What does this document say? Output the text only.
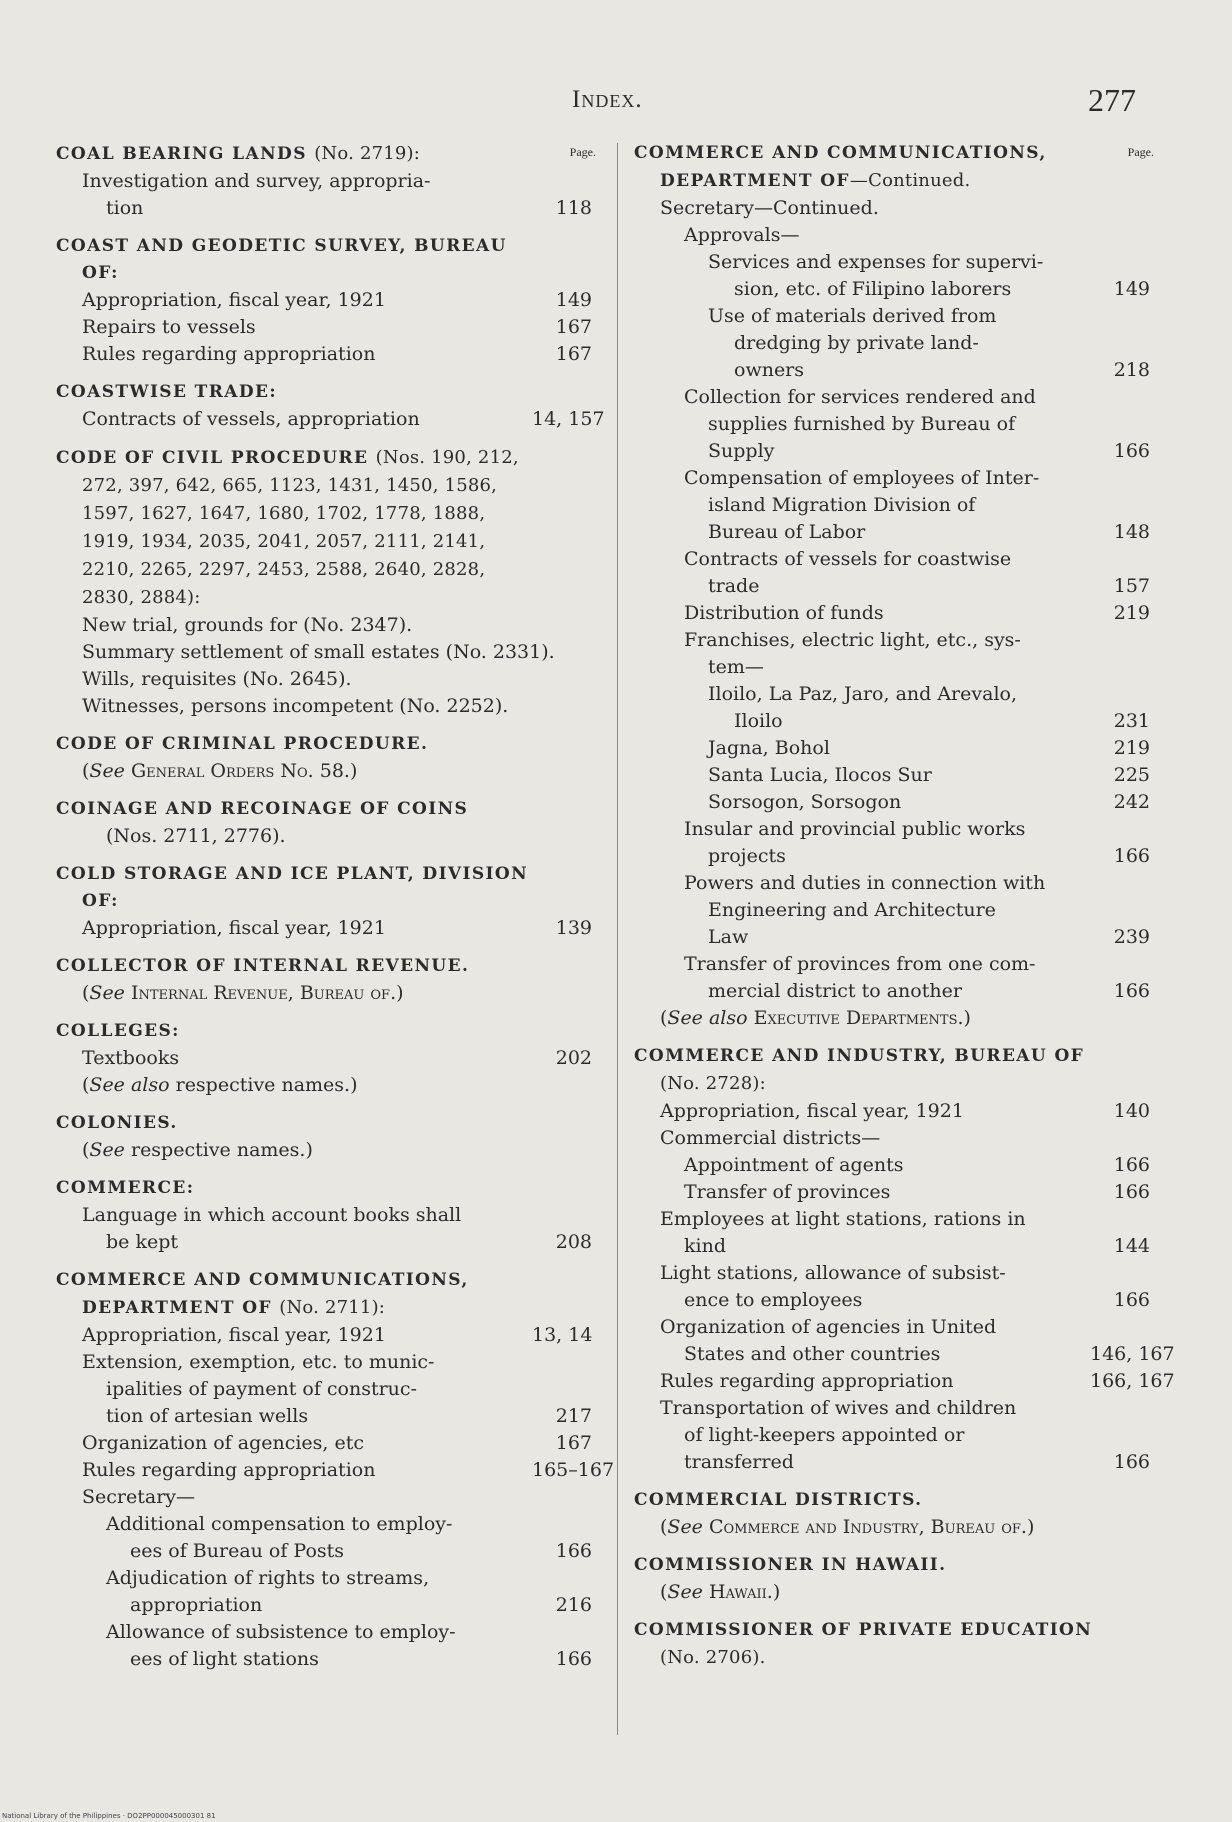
Index.	277
Page.
COAL BEARING LANDS (No. 2719):
Investigation and survey, appropria-
tion	118
COAST AND GEODETIC SURVEY, BUREAU OF:
Appropriation, fiscal year, 1921	149
Repairs to vessels	167
Rules regarding appropriation	167
COASTWISE TRADE:
Contracts of vessels, appropriation	14, 157
CODE OF CIVIL PROCEDURE (Nos. 190, 212, 272, 397, 642, 665, 1123, 1431, 1450, 1586, 1597, 1627, 1647, 1680, 1702, 1778, 1888, 1919, 1934, 2035, 2041, 2057, 2111, 2141, 2210, 2265, 2297, 2453, 2588, 2640, 2828, 2830, 2884):
New trial, grounds for (No. 2347).
Summary settlement of small estates (No. 2331).
Wills, requisites (No. 2645).
Witnesses, persons incompetent (No. 2252).
CODE OF CRIMINAL PROCEDURE.
(See General Orders No. 58.)
COINAGE AND RECOINAGE OF COINS
(Nos. 2711, 2776).
COLD STORAGE AND ICE PLANT, DIVISION OF:
Appropriation, fiscal year, 1921	139
COLLECTOR OF INTERNAL REVENUE.
(See Internal Revenue, Bureau of.)
COLLEGES:
Textbooks	202
(See also respective names.)
COLONIES.
(See respective names.)
COMMERCE:
Language in which account books shall
be kept	208
COMMERCE AND COMMUNICATIONS, DEPARTMENT OF (No. 2711):
Appropriation, fiscal year, 1921	13, 14
Extension, exemption, etc. to munic-
ipalities of payment of construc-
tion of artesian wells	217
Organization of agencies, etc	167
Rules regarding appropriation	165–167
Secretary—
Additional compensation to employ-
ees of Bureau of Posts	166
Adjudication of rights to streams,
appropriation	216
Allowance of subsistence to employ-
ees of light stations	166
Page.
COMMERCE AND COMMUNICATIONS, DEPARTMENT OF—Continued.
Secretary—Continued.
Approvals—
Services and expenses for supervi-
sion, etc. of Filipino laborers	149
Use of materials derived from
dredging by private land-
owners	218
Collection for services rendered and
supplies furnished by Bureau of
Supply	166
Compensation of employees of Inter-
island Migration Division of
Bureau of Labor	148
Contracts of vessels for coastwise
trade	157
Distribution of funds	219
Franchises, electric light, etc., sys-
tem—
Iloilo, La Paz, Jaro, and Arevalo,
Iloilo	231
Jagna, Bohol	219
Santa Lucia, Ilocos Sur	225
Sorsogon, Sorsogon	242
Insular and provincial public works
projects	166
Powers and duties in connection with
Engineering and Architecture
Law	239
Transfer of provinces from one com-
mercial district to another	166
(See also Executive Departments.)
COMMERCE AND INDUSTRY, BUREAU OF (No. 2728):
Appropriation, fiscal year, 1921	140
Commercial districts—
Appointment of agents	166
Transfer of provinces	166
Employees at light stations, rations in
kind	144
Light stations, allowance of subsist-
ence to employees	166
Organization of agencies in United
States and other countries	146, 167
Rules regarding appropriation	166, 167
Transportation of wives and children
of light-keepers appointed or
transferred	166
COMMERCIAL DISTRICTS.
(See Commerce and Industry, Bureau of.)
COMMISSIONER IN HAWAII.
(See Hawaii.)
COMMISSIONER OF PRIVATE EDUCATION (No. 2706).
National Library of the Philippines · DO2PP000045000301 81
